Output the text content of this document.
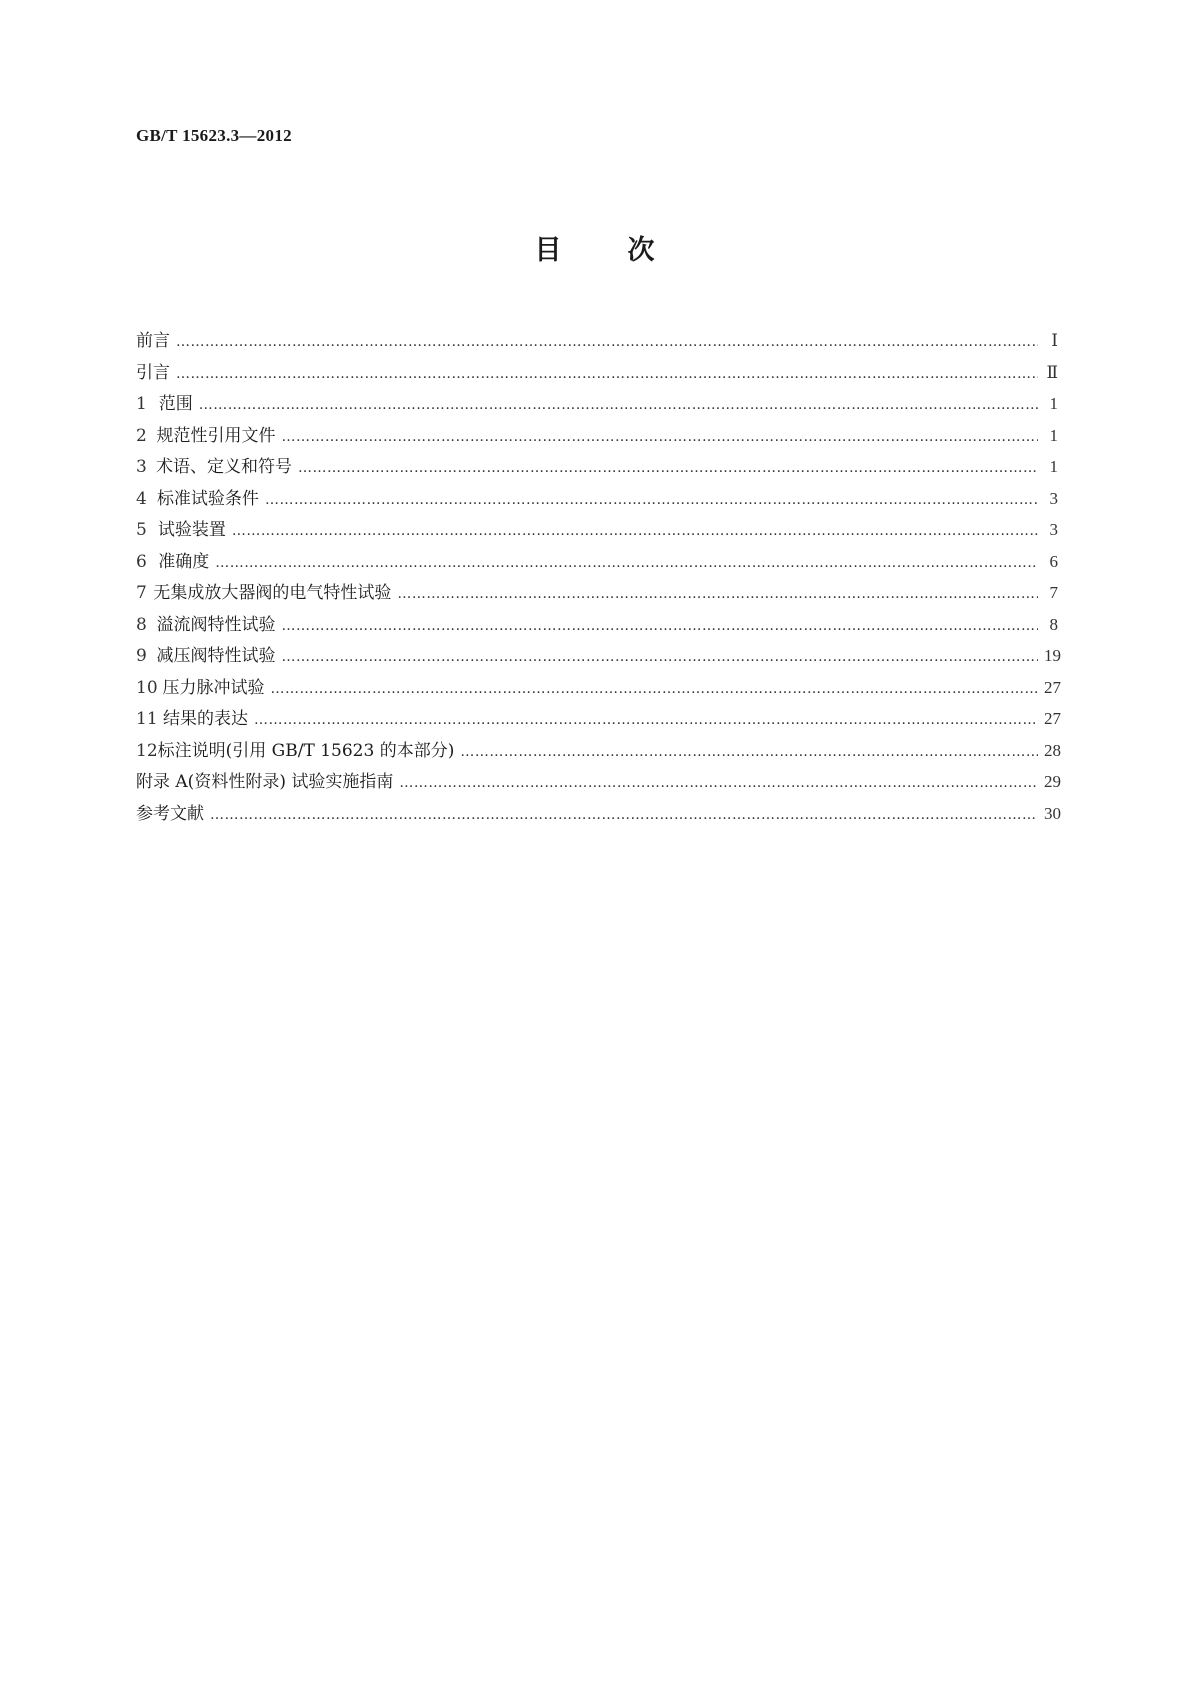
GB/T 15623.3—2012
目 次
前言 ………………………………………………………………………………………………………………………………………………………………………………………………………………………………	Ⅰ
引言 ………………………………………………………………………………………………………………………………………………………………………………………………………………………………	Ⅱ
1 范围 ………………………………………………………………………………………………………………………………………………………………………………………………………………………………	1
2 规范性引用文件 ………………………………………………………………………………………………………………………………………………………………………………………………………………………………	1
3 术语、定义和符号 ………………………………………………………………………………………………………………………………………………………………………………………………………………………………	1
4 标准试验条件 ………………………………………………………………………………………………………………………………………………………………………………………………………………………………	3
5 试验装置 ………………………………………………………………………………………………………………………………………………………………………………………………………………………………	3
6 准确度 ………………………………………………………………………………………………………………………………………………………………………………………………………………………………	6
7 无集成放大器阀的电气特性试验 ………………………………………………………………………………………………………………………………………………………………………………………………………………………………	7
8 溢流阀特性试验 ………………………………………………………………………………………………………………………………………………………………………………………………………………………………	8
9 减压阀特性试验 ………………………………………………………………………………………………………………………………………………………………………………………………………………………………	19
10 压力脉冲试验 ………………………………………………………………………………………………………………………………………………………………………………………………………………………………	27
11 结果的表达 ………………………………………………………………………………………………………………………………………………………………………………………………………………………………	27
12 标注说明(引用 GB/T 15623 的本部分) ………………………………………………………………………………………………………………………………………………………………………………………………………………………………	28
附录 A(资料性附录) 试验实施指南 ………………………………………………………………………………………………………………………………………………………………………………………………………………………………	29
参考文献 ………………………………………………………………………………………………………………………………………………………………………………………………………………………………	30
